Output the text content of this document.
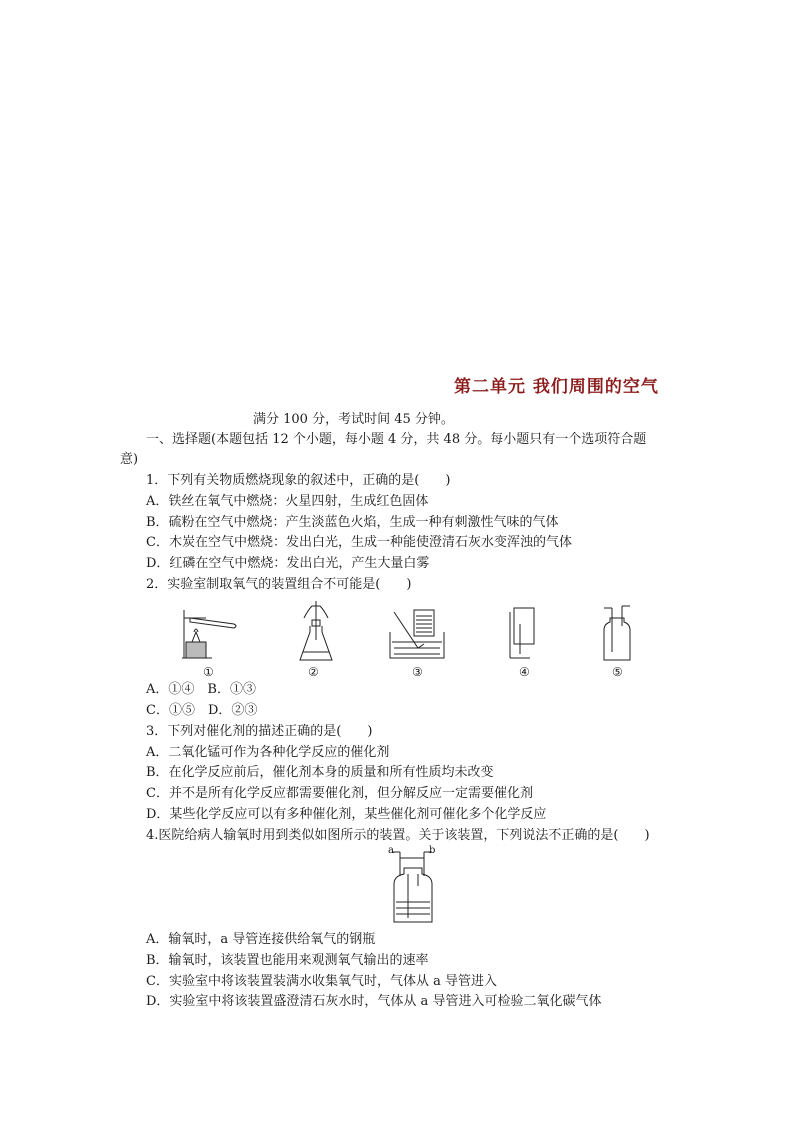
第二单元 我们周围的空气
满分 100 分，考试时间 45 分钟。
一、选择题(本题包括 12 个小题，每小题 4 分，共 48 分。每小题只有一个选项符合题
意)
1．下列有关物质燃烧现象的叙述中，正确的是(　　)
A．铁丝在氧气中燃烧：火星四射，生成红色固体
B．硫粉在空气中燃烧：产生淡蓝色火焰，生成一种有刺激性气味的气体
C．木炭在空气中燃烧：发出白光，生成一种能使澄清石灰水变浑浊的气体
D．红磷在空气中燃烧：发出白光，产生大量白雾
2．实验室制取氧气的装置组合不可能是(　　)
①	②	③	④	⑤
A．①④　B．①③
C．①⑤　D．②③
3．下列对催化剂的描述正确的是(　　)
A．二氧化锰可作为各种化学反应的催化剂
B．在化学反应前后，催化剂本身的质量和所有性质均未改变
C．并不是所有化学反应都需要催化剂，但分解反应一定需要催化剂
D．某些化学反应可以有多种催化剂，某些催化剂可催化多个化学反应
4.医院给病人输氧时用到类似如图所示的装置。关于该装置，下列说法不正确的是(　　)
a	b
A．输氧时，a 导管连接供给氧气的钢瓶
B．输氧时，该装置也能用来观测氧气输出的速率
C．实验室中将该装置装满水收集氧气时，气体从 a 导管进入
D．实验室中将该装置盛澄清石灰水时，气体从 a 导管进入可检验二氧化碳气体
